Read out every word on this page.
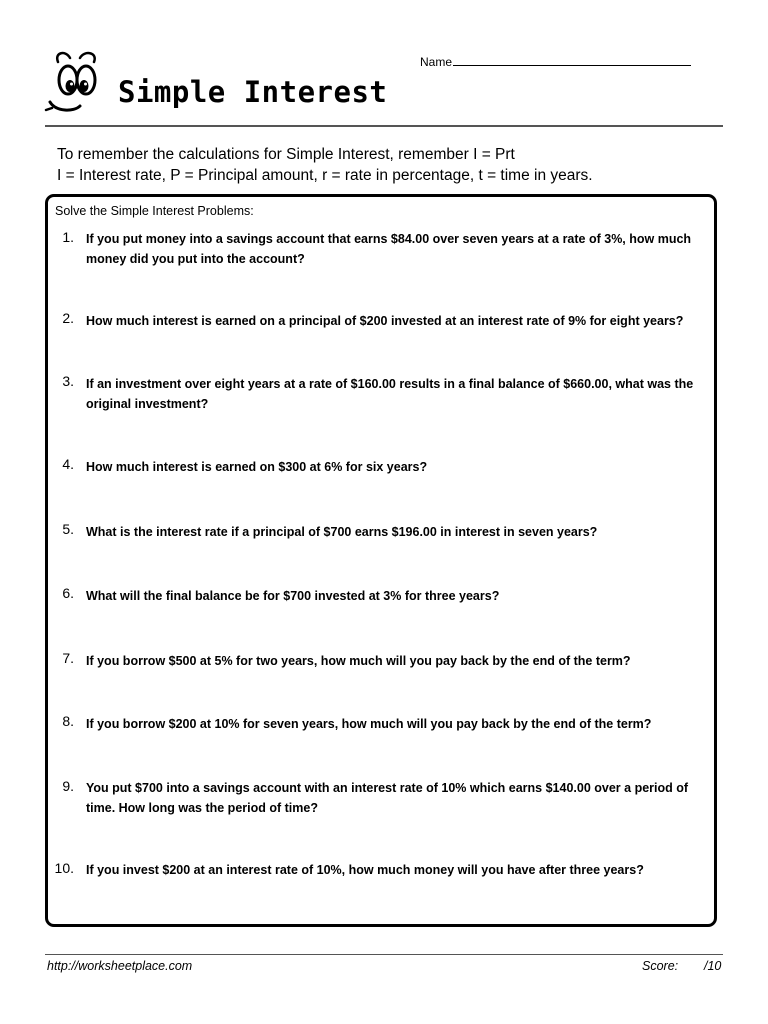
Simple Interest
Name
To remember the calculations for Simple Interest, remember I = Prt
I = Interest rate, P = Principal amount, r = rate in percentage, t = time in years.
Solve the Simple Interest Problems:
1. If you put money into a savings account that earns $84.00 over seven years at a rate of 3%, how much money did you put into the account?
2. How much interest is earned on a principal of $200 invested at an interest rate of 9% for eight years?
3. If an investment over eight years at a rate of $160.00 results in a final balance of $660.00, what was the original investment?
4. How much interest is earned on $300 at 6% for six years?
5. What is the interest rate if a principal of $700 earns $196.00 in interest in seven years?
6. What will the final balance be for $700 invested at 3% for three years?
7. If you borrow $500 at 5% for two years, how much will you pay back by the end of the term?
8. If you borrow $200 at 10% for seven years, how much will you pay back by the end of the term?
9. You put $700 into a savings account with an interest rate of 10% which earns $140.00 over a period of time. How long was the period of time?
10. If you invest $200 at an interest rate of 10%, how much money will you have after three years?
http://worksheetplace.com	Score: /10
